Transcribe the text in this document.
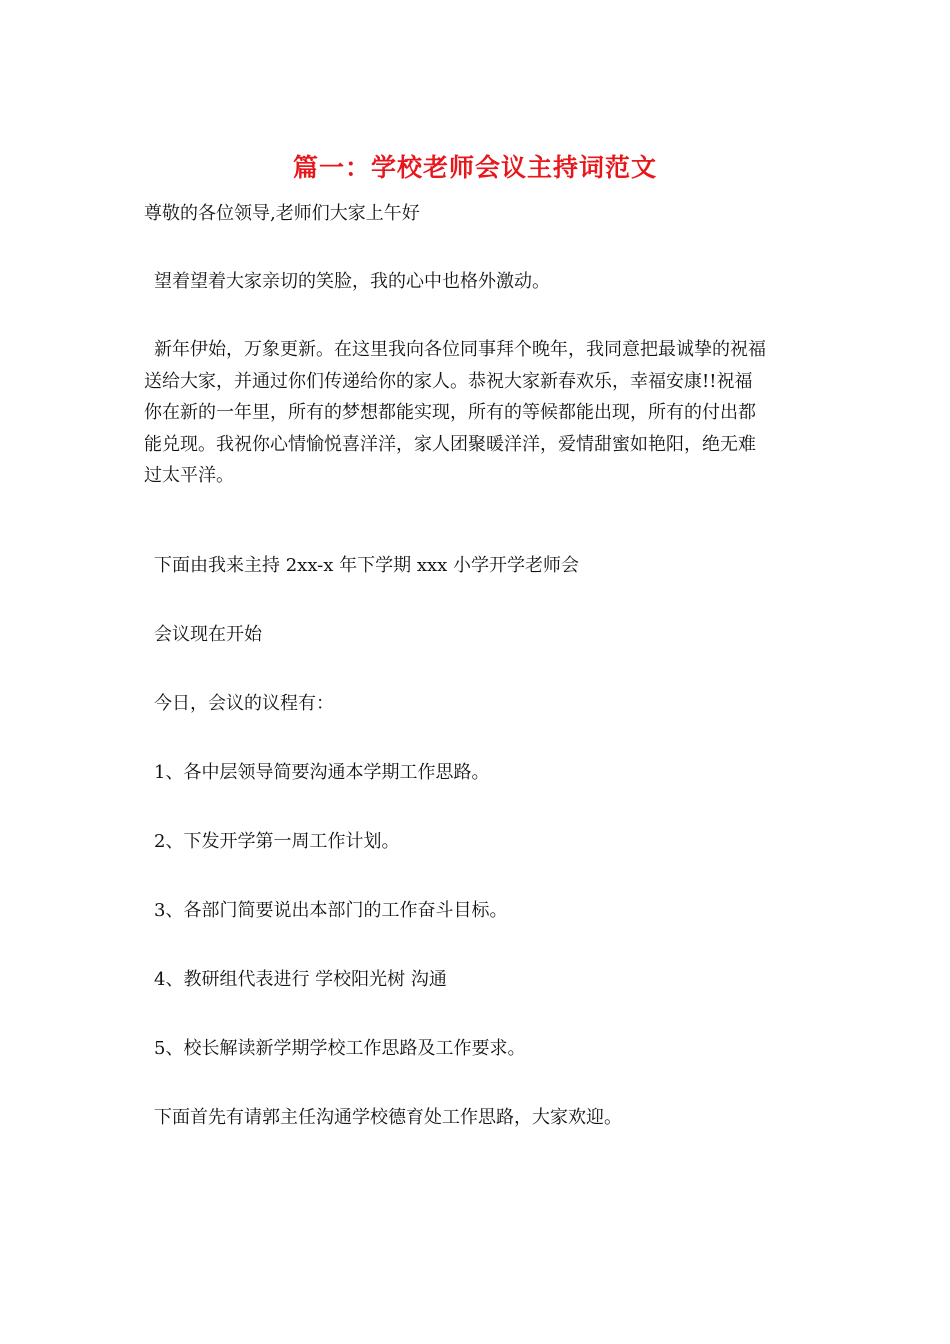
篇一：学校老师会议主持词范文

尊敬的各位领导,老师们大家上午好

望着望着大家亲切的笑脸，我的心中也格外激动。

新年伊始，万象更新。在这里我向各位同事拜个晚年，我同意把最诚挚的祝福
送给大家，并通过你们传递给你的家人。恭祝大家新春欢乐，幸福安康!!祝福
你在新的一年里，所有的梦想都能实现，所有的等候都能出现，所有的付出都
能兑现。我祝你心情愉悦喜洋洋，家人团聚暖洋洋，爱情甜蜜如艳阳，绝无难
过太平洋。

下面由我来主持 2xx-x 年下学期 xxx 小学开学老师会

会议现在开始

今日，会议的议程有：

1、各中层领导简要沟通本学期工作思路。

2、下发开学第一周工作计划。

3、各部门简要说出本部门的工作奋斗目标。

4、教研组代表进行 学校阳光树 沟通

5、校长解读新学期学校工作思路及工作要求。

下面首先有请郭主任沟通学校德育处工作思路，大家欢迎。
